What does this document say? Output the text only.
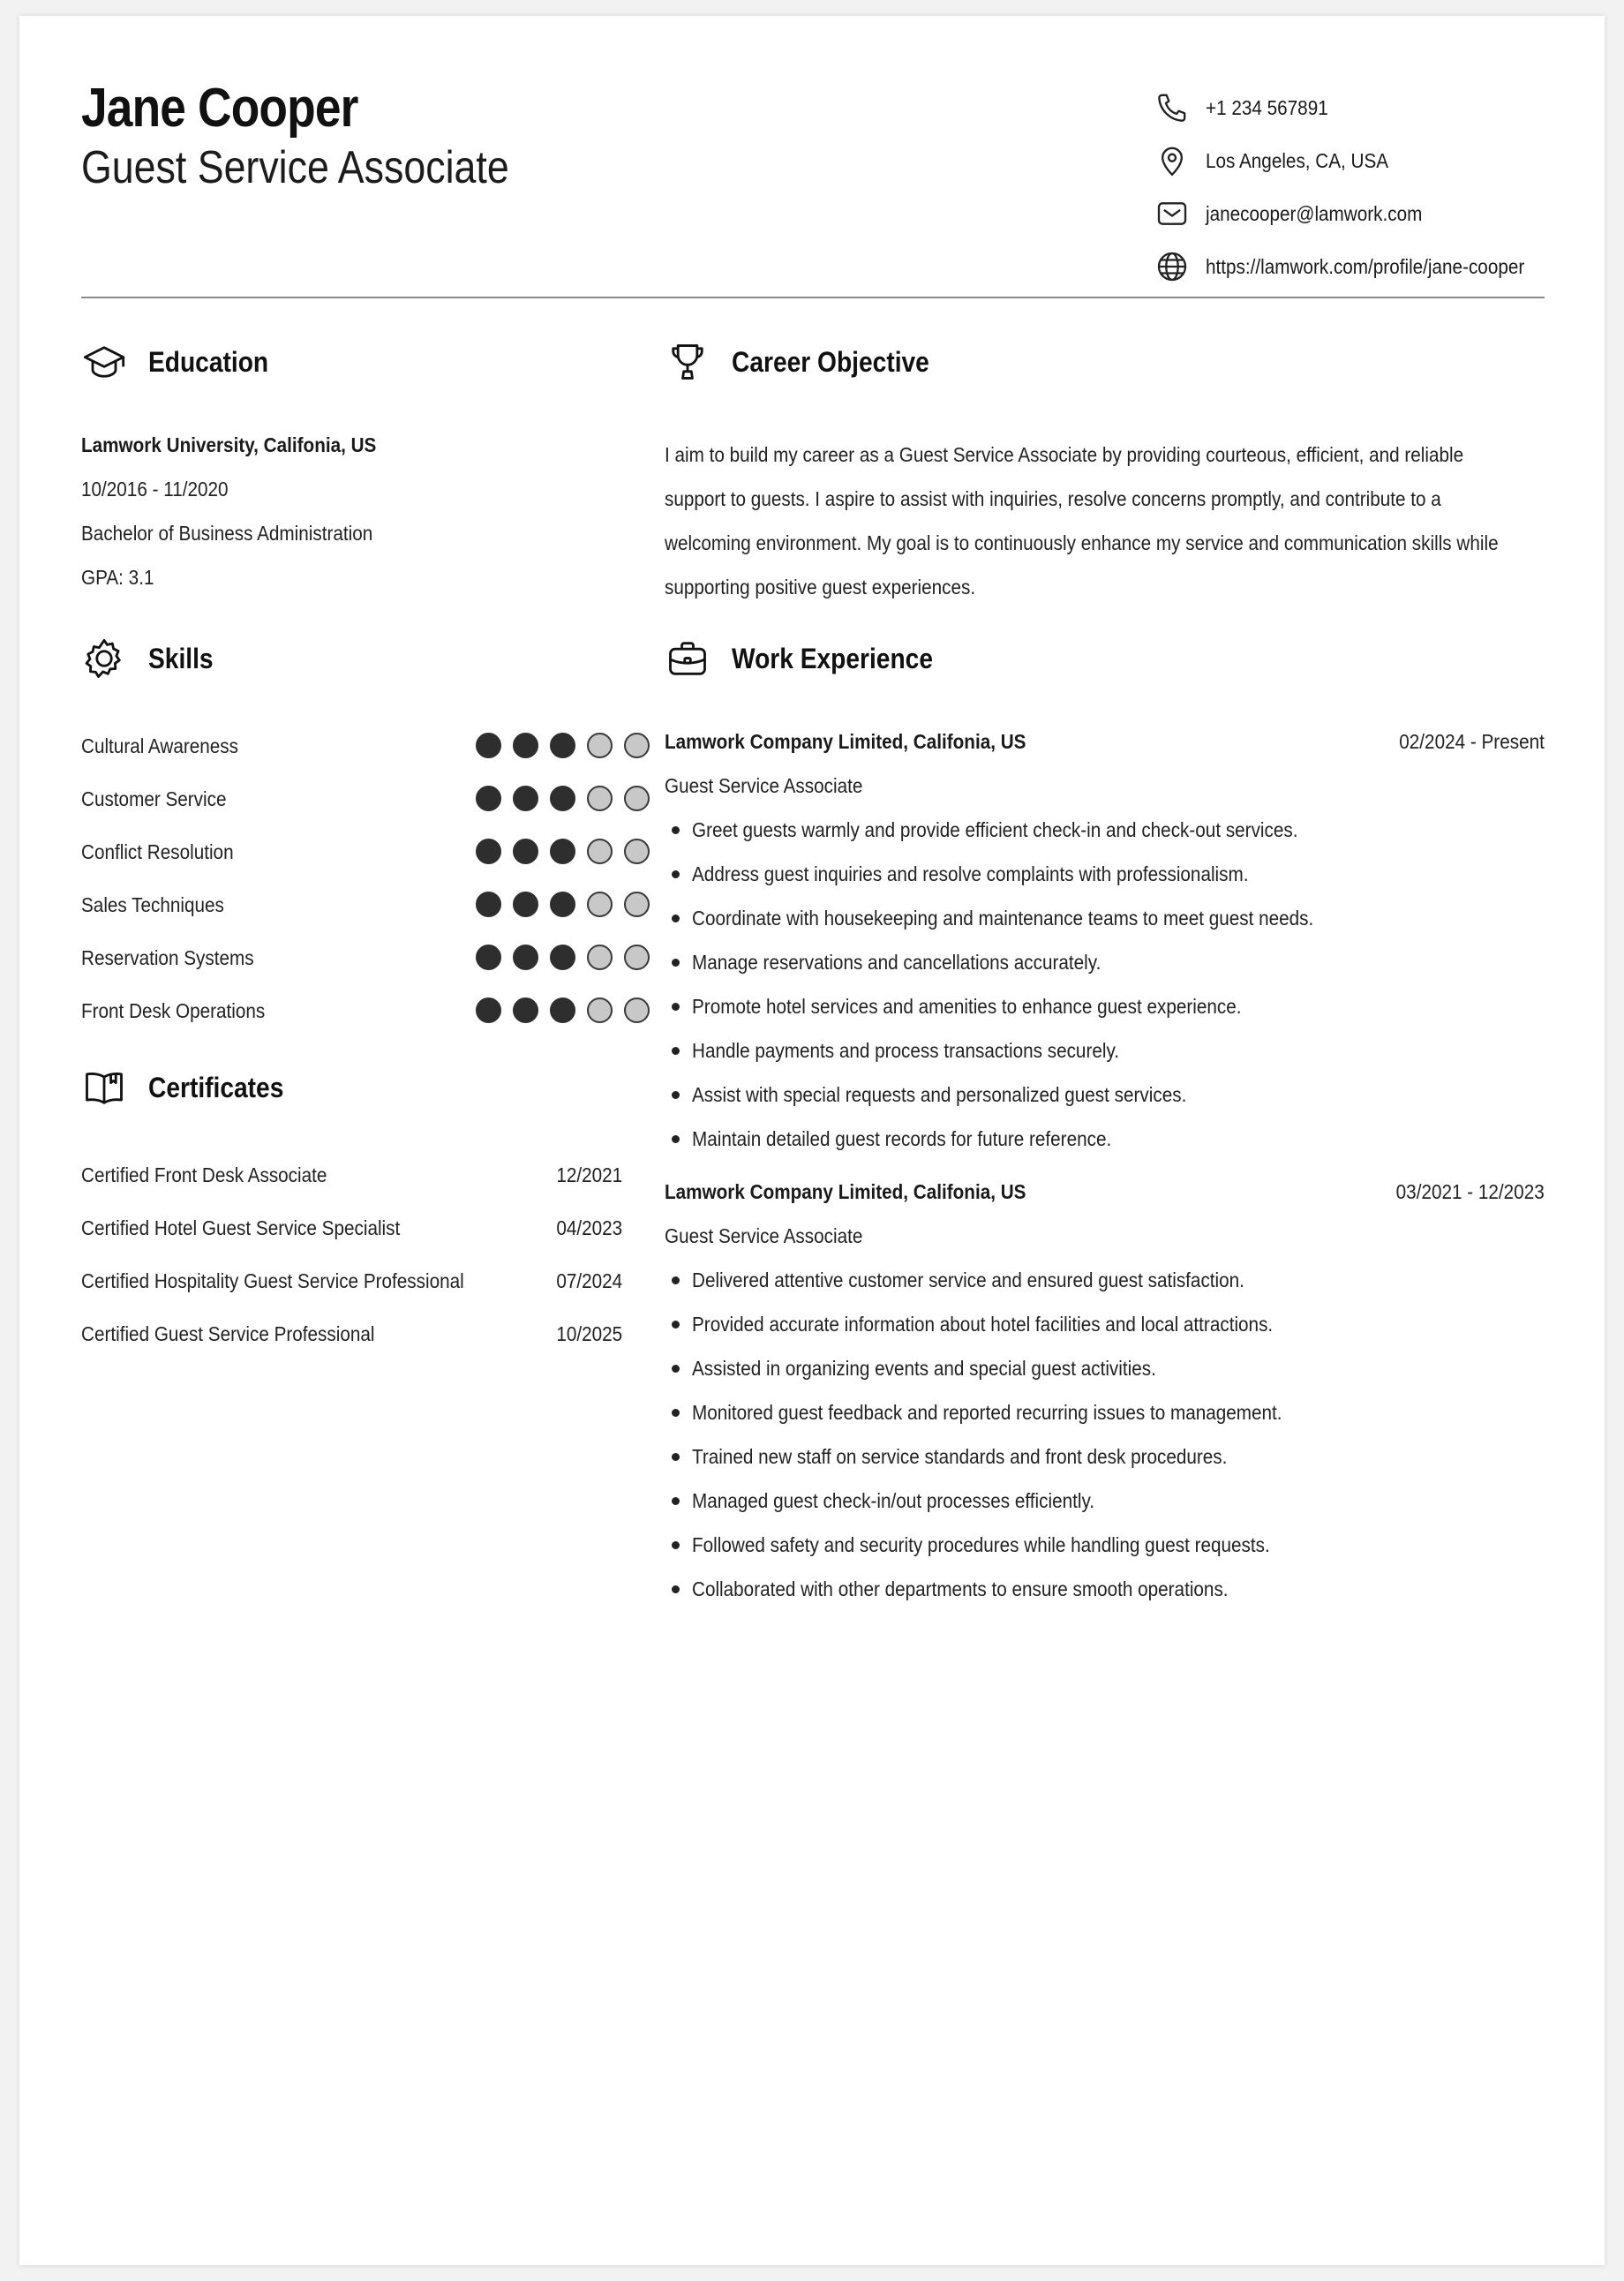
Jane Cooper
Guest Service Associate
+1 234 567891
Los Angeles, CA, USA
janecooper@lamwork.com
https://lamwork.com/profile/jane-cooper
Education
Lamwork University, Califonia, US
10/2016 - 11/2020
Bachelor of Business Administration
GPA: 3.1
Career Objective
I aim to build my career as a Guest Service Associate by providing courteous, efficient, and reliable
support to guests. I aspire to assist with inquiries, resolve concerns promptly, and contribute to a
welcoming environment. My goal is to continuously enhance my service and communication skills while
supporting positive guest experiences.
Skills
Certificates
Work Experience
Lamwork Company Limited, Califonia, US	02/2024 - Present
Guest Service Associate
Greet guests warmly and provide efficient check-in and check-out services.
Address guest inquiries and resolve complaints with professionalism.
Coordinate with housekeeping and maintenance teams to meet guest needs.
Manage reservations and cancellations accurately.
Promote hotel services and amenities to enhance guest experience.
Handle payments and process transactions securely.
Assist with special requests and personalized guest services.
Maintain detailed guest records for future reference.
Lamwork Company Limited, Califonia, US	03/2021 - 12/2023
Guest Service Associate
Delivered attentive customer service and ensured guest satisfaction.
Provided accurate information about hotel facilities and local attractions.
Assisted in organizing events and special guest activities.
Monitored guest feedback and reported recurring issues to management.
Trained new staff on service standards and front desk procedures.
Managed guest check-in/out processes efficiently.
Followed safety and security procedures while handling guest requests.
Collaborated with other departments to ensure smooth operations.
Cultural Awareness
Customer Service
Conflict Resolution
Sales Techniques
Reservation Systems
Front Desk Operations
Certified Front Desk Associate	12/2021
Certified Hotel Guest Service Specialist	04/2023
Certified Hospitality Guest Service Professional	07/2024
Certified Guest Service Professional	10/2025
